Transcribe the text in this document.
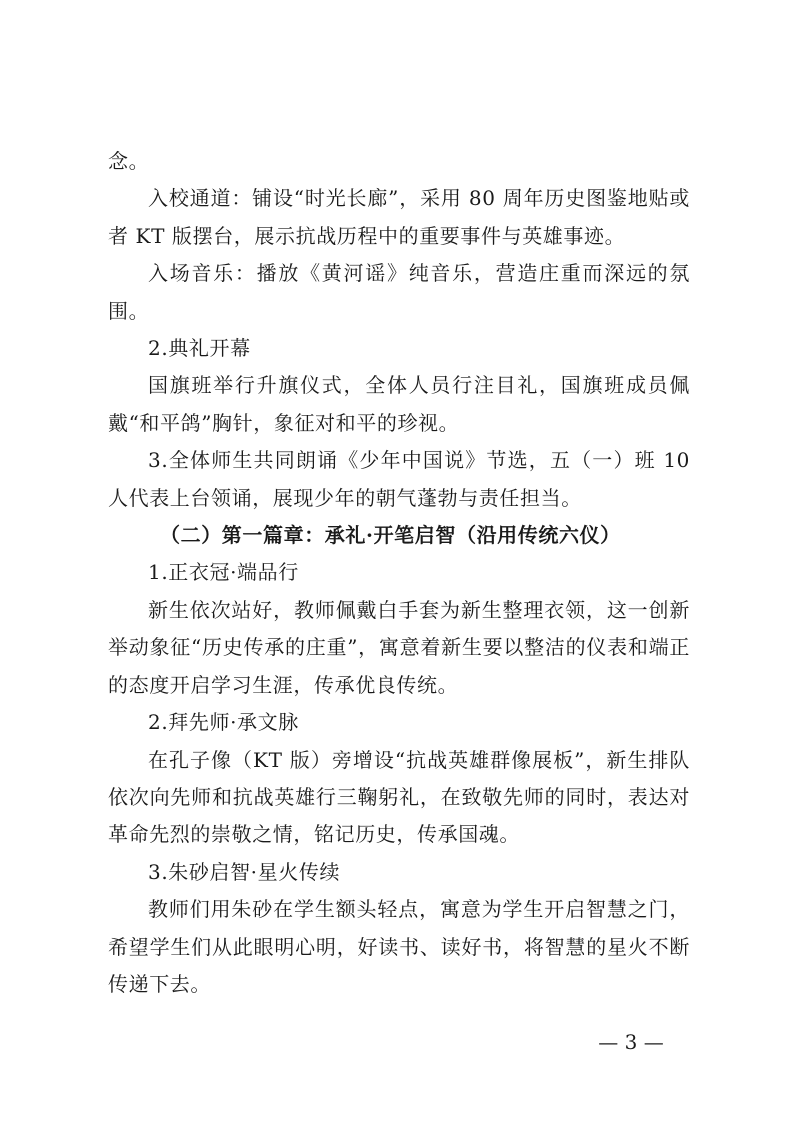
念。

入校通道：铺设“时光长廊”，采用 80 周年历史图鉴地贴或者 KT 版摆台，展示抗战历程中的重要事件与英雄事迹。

入场音乐：播放《黄河谣》纯音乐，营造庄重而深远的氛围。

2.典礼开幕

国旗班举行升旗仪式，全体人员行注目礼，国旗班成员佩戴“和平鸽”胸针，象征对和平的珍视。

3.全体师生共同朗诵《少年中国说》节选，五（一）班 10 人代表上台领诵，展现少年的朝气蓬勃与责任担当。

（二）第一篇章：承礼·开笔启智（沿用传统六仪）

1.正衣冠·端品行

新生依次站好，教师佩戴白手套为新生整理衣领，这一创新举动象征“历史传承的庄重”，寓意着新生要以整洁的仪表和端正的态度开启学习生涯，传承优良传统。

2.拜先师·承文脉

在孔子像（KT 版）旁增设“抗战英雄群像展板”，新生排队依次向先师和抗战英雄行三鞠躬礼，在致敬先师的同时，表达对革命先烈的崇敬之情，铭记历史，传承国魂。

3.朱砂启智·星火传续

教师们用朱砂在学生额头轻点，寓意为学生开启智慧之门，希望学生们从此眼明心明，好读书、读好书，将智慧的星火不断传递下去。

— 3 —
